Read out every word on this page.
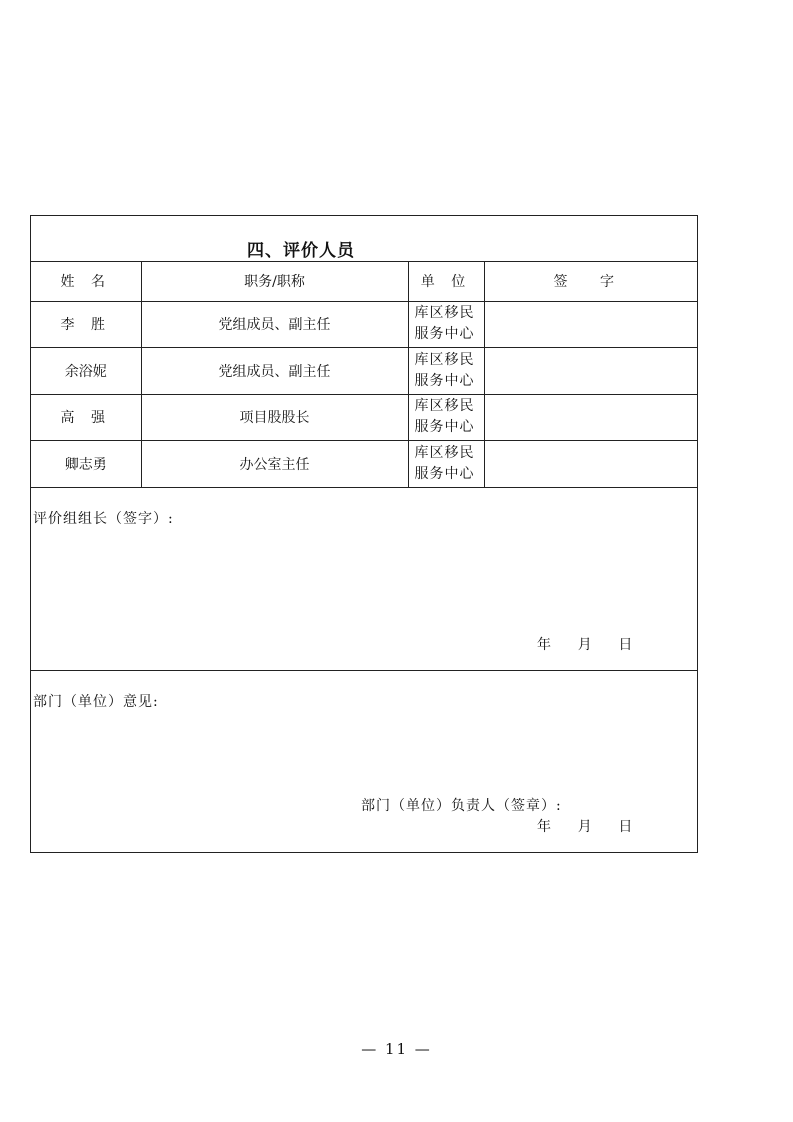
四、评价人员
姓 名	职务/职称	单 位	签 字
李 胜	党组成员、副主任	库区移民
服务中心	

余浴妮	党组成员、副主任	库区移民
服务中心	

高 强	项目股股长	库区移民
服务中心	

卿志勇	办公室主任	库区移民
服务中心	

评价组组长（签字）:
年      月      日
部门（单位）意见:
部门（单位）负责人（签章）:
年      月      日
— 11 —
